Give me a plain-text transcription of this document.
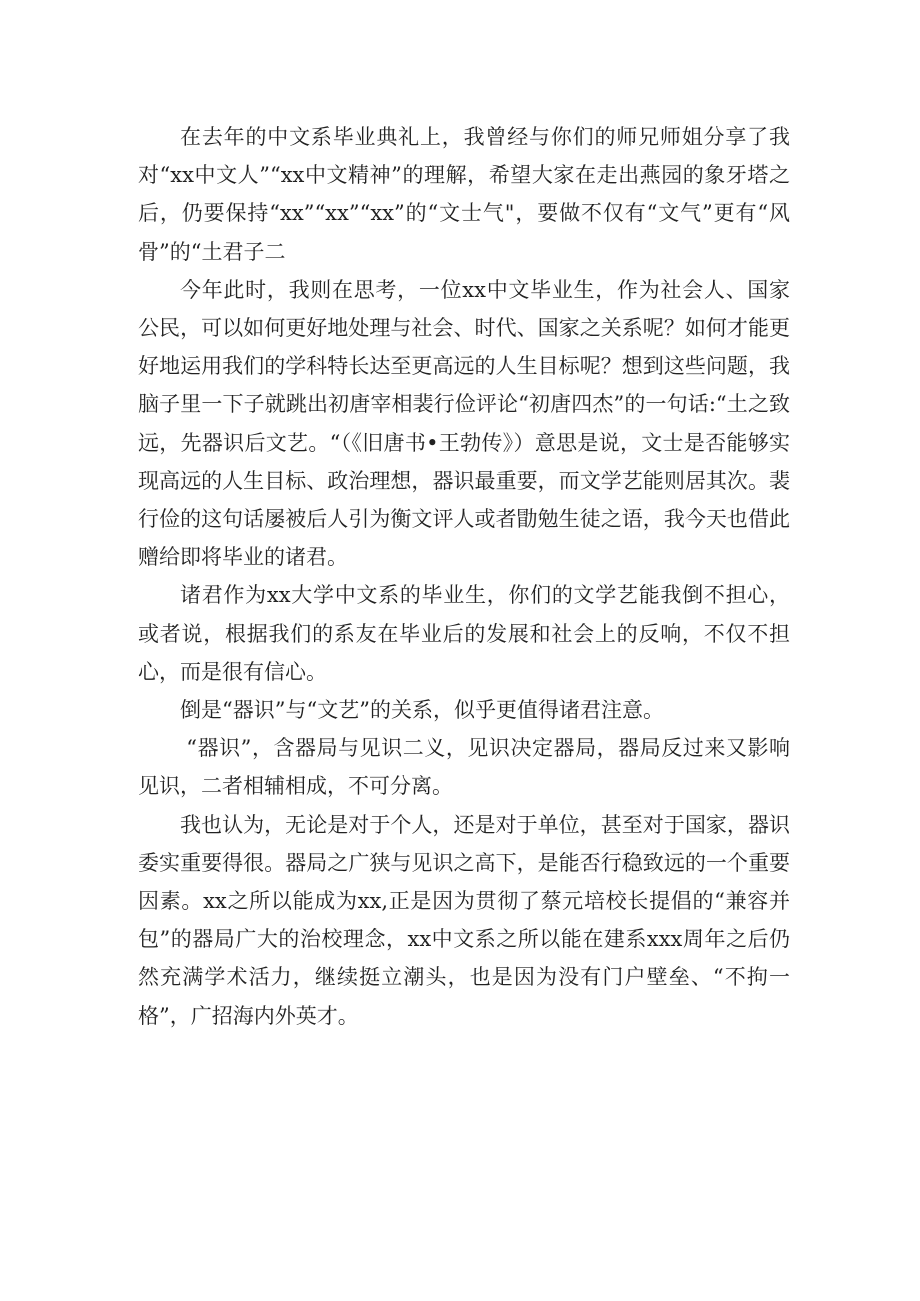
在去年的中文系毕业典礼上，我曾经与你们的师兄师姐分享了我对“xx中文人”“xx中文精神”的理解，希望大家在走出燕园的象牙塔之后，仍要保持“xx”“xx”“xx”的“文士气"，要做不仅有“文气”更有“风骨”的“土君子二

今年此时，我则在思考，一位xx中文毕业生，作为社会人、国家公民，可以如何更好地处理与社会、时代、国家之关系呢？如何才能更好地运用我们的学科特长达至更高远的人生目标呢？想到这些问题，我脑子里一下子就跳出初唐宰相裴行俭评论“初唐四杰”的一句话:“土之致远，先器识后文艺。“（《旧唐书•王勃传》）意思是说，文士是否能够实现高远的人生目标、政治理想，器识最重要，而文学艺能则居其次。裴行俭的这句话屡被后人引为衡文评人或者勖勉生徒之语，我今天也借此赠给即将毕业的诸君。

诸君作为xx大学中文系的毕业生，你们的文学艺能我倒不担心，或者说，根据我们的系友在毕业后的发展和社会上的反响，不仅不担心，而是很有信心。

倒是“器识”与“文艺”的关系，似乎更值得诸君注意。

“器识”，含器局与见识二义，见识决定器局，器局反过来又影响见识，二者相辅相成，不可分离。

我也认为，无论是对于个人，还是对于单位，甚至对于国家，器识委实重要得很。器局之广狭与见识之高下，是能否行稳致远的一个重要因素。xx之所以能成为xx,正是因为贯彻了蔡元培校长提倡的“兼容并包”的器局广大的治校理念，xx中文系之所以能在建系xxx周年之后仍然充满学术活力，继续挺立潮头，也是因为没有门户壁垒、“不拘一格”，广招海内外英才。
